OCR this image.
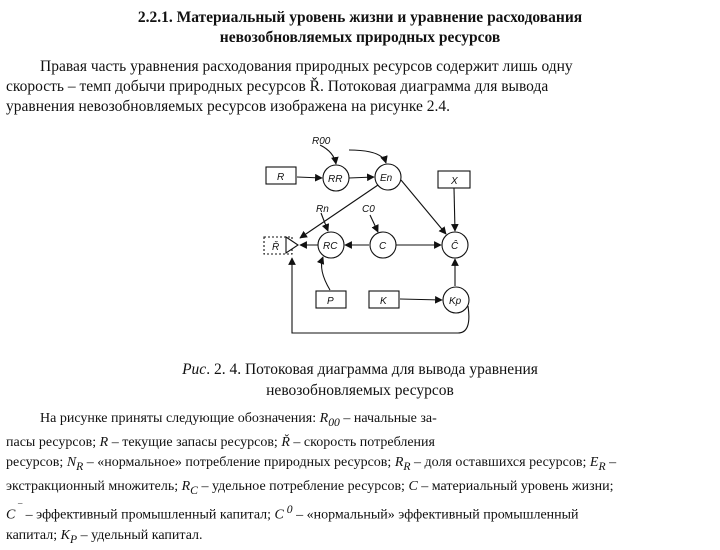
2.2.1. Материальный уровень жизни и уравнение расходования
невозобновляемых природных ресурсов
Правая часть уравнения расходования природных ресурсов содержит лишь одну
скорость – темп добычи природных ресурсов Ř. Потоковая диаграмма для вывода
уравнения невозобновляемых ресурсов изображена на рисунке 2.4.
R00
R	RR	En	X
Rn	C0
Ř	RC	C	Ĉ
P	K	Kp
Рис. 2. 4. Потоковая диаграмма для вывода уравнения
невозобновляемых ресурсов
На рисунке приняты следующие обозначения: $R_{00}$ – начальные за-
пасы ресурсов; R – текущие запасы ресурсов; Ř – скорость потребления
ресурсов; $N_R$ – «нормальное» потребление природных ресурсов; $R_R$ – доля оставшихся ресурсов; $E_R$ –
экстракционный множитель; $R_C$ – удельное потребление ресурсов; C – материальный уровень жизни;
C ‾ – эффективный промышленный капитал; C $^0$ – «нормальный» эффективный промышленный
капитал; $K_P$ – удельный капитал.
